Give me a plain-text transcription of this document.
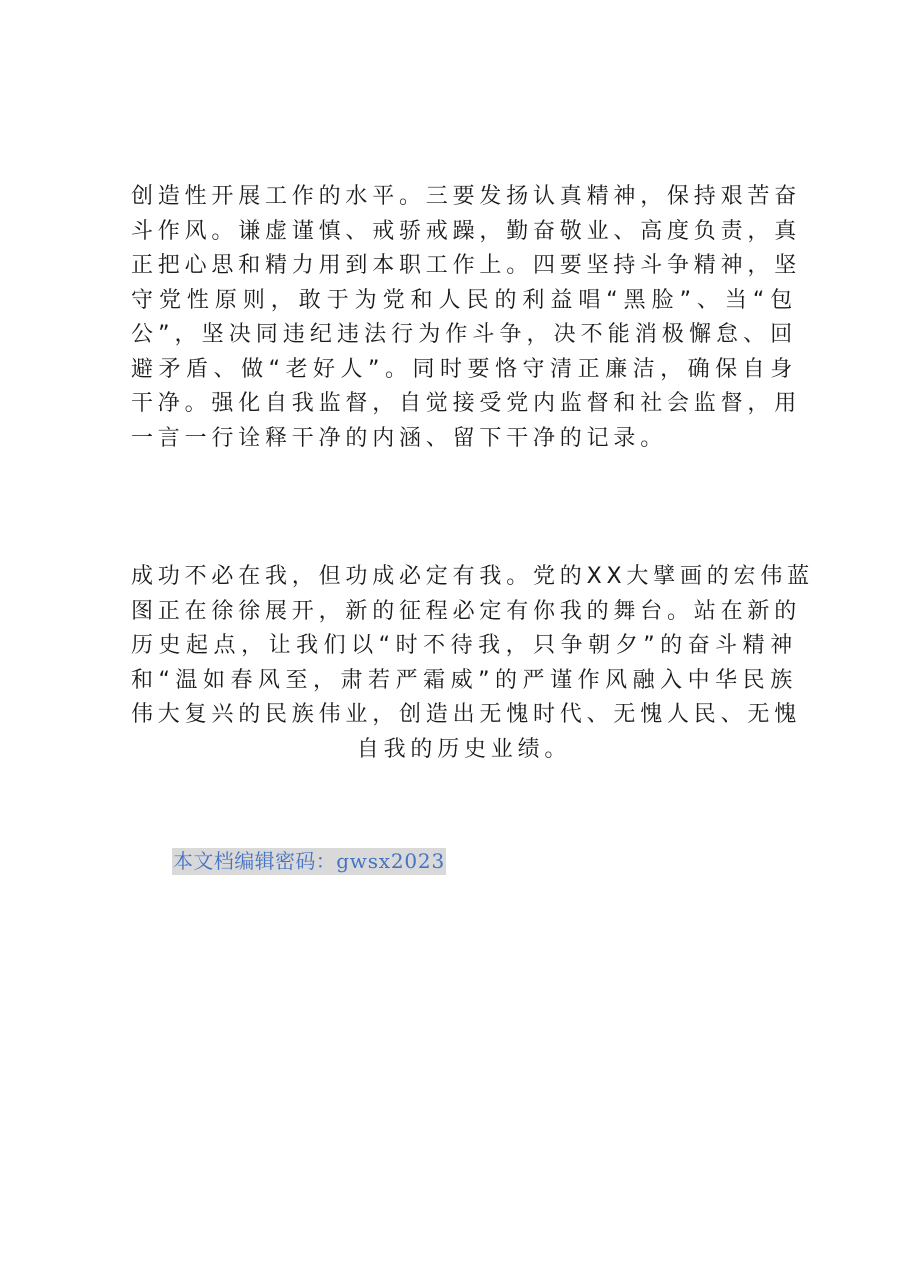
创造性开展工作的水平。三要发扬认真精神，保持艰苦奋
斗作风。谦虚谨慎、戒骄戒躁，勤奋敬业、高度负责，真
正把心思和精力用到本职工作上。四要坚持斗争精神，坚
守党性原则，敢于为党和人民的利益唱“黑脸”、当“包
公”，坚决同违纪违法行为作斗争，决不能消极懈怠、回
避矛盾、做“老好人”。同时要恪守清正廉洁，确保自身
干净。强化自我监督，自觉接受党内监督和社会监督，用
一言一行诠释干净的内涵、留下干净的记录。
成功不必在我，但功成必定有我。党的XX大擘画的宏伟蓝
图正在徐徐展开，新的征程必定有你我的舞台。站在新的
历史起点，让我们以“时不待我，只争朝夕”的奋斗精神
和“温如春风至，肃若严霜威”的严谨作风融入中华民族
伟大复兴的民族伟业，创造出无愧时代、无愧人民、无愧
自我的历史业绩。
本文档编辑密码：gwsx2023
